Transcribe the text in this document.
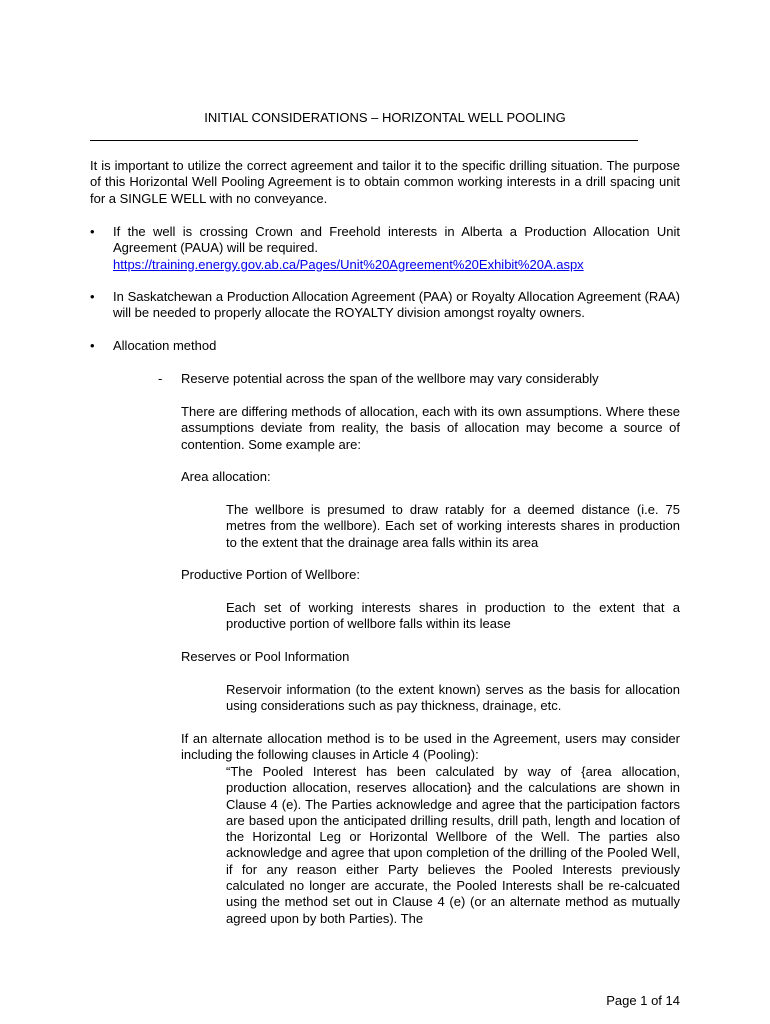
INITIAL CONSIDERATIONS – HORIZONTAL WELL POOLING

It is important to utilize the correct agreement and tailor it to the specific drilling situation. The purpose of this Horizontal Well Pooling Agreement is to obtain common working interests in a drill spacing unit for a SINGLE WELL with no conveyance.

• If the well is crossing Crown and Freehold interests in Alberta a Production Allocation Unit Agreement (PAUA) will be required.
https://training.energy.gov.ab.ca/Pages/Unit%20Agreement%20Exhibit%20A.aspx
• In Saskatchewan a Production Allocation Agreement (PAA) or Royalty Allocation Agreement (RAA) will be needed to properly allocate the ROYALTY division amongst royalty owners.

• Allocation method

- Reserve potential across the span of the wellbore may vary considerably

There are differing methods of allocation, each with its own assumptions. Where these assumptions deviate from reality, the basis of allocation may become a source of contention. Some example are:

Area allocation:

The wellbore is presumed to draw ratably for a deemed distance (i.e. 75 metres from the wellbore). Each set of working interests shares in production to the extent that the drainage area falls within its area

Productive Portion of Wellbore:

Each set of working interests shares in production to the extent that a productive portion of wellbore falls within its lease

Reserves or Pool Information

Reservoir information (to the extent known) serves as the basis for allocation using considerations such as pay thickness, drainage, etc.

If an alternate allocation method is to be used in the Agreement, users may consider including the following clauses in Article 4 (Pooling):

“The Pooled Interest has been calculated by way of {area allocation, production allocation, reserves allocation} and the calculations are shown in Clause 4 (e). The Parties acknowledge and agree that the participation factors are based upon the anticipated drilling results, drill path, length and location of the Horizontal Leg or Horizontal Wellbore of the Well. The parties also acknowledge and agree that upon completion of the drilling of the Pooled Well, if for any reason either Party believes the Pooled Interests previously calculated no longer are accurate, the Pooled Interests shall be re-calcuated using the method set out in Clause 4 (e) (or an alternate method as mutually agreed upon by both Parties). The

Page 1 of 14
